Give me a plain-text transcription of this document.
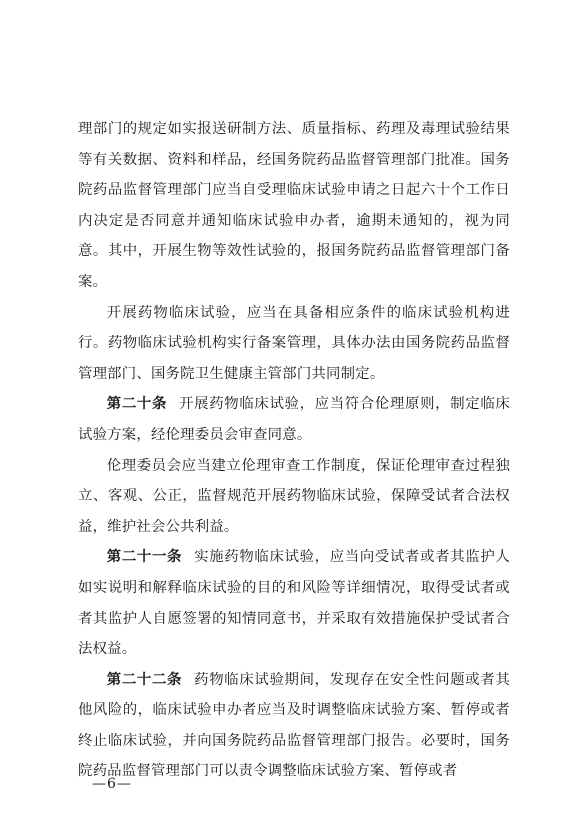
理部门的规定如实报送研制方法、质量指标、药理及毒理试验结果等有关数据、资料和样品，经国务院药品监督管理部门批准。国务院药品监督管理部门应当自受理临床试验申请之日起六十个工作日内决定是否同意并通知临床试验申办者，逾期未通知的，视为同意。其中，开展生物等效性试验的，报国务院药品监督管理部门备案。

开展药物临床试验，应当在具备相应条件的临床试验机构进行。药物临床试验机构实行备案管理，具体办法由国务院药品监督管理部门、国务院卫生健康主管部门共同制定。

第二十条 开展药物临床试验，应当符合伦理原则，制定临床试验方案，经伦理委员会审查同意。

伦理委员会应当建立伦理审查工作制度，保证伦理审查过程独立、客观、公正，监督规范开展药物临床试验，保障受试者合法权益，维护社会公共利益。

第二十一条 实施药物临床试验，应当向受试者或者其监护人如实说明和解释临床试验的目的和风险等详细情况，取得受试者或者其监护人自愿签署的知情同意书，并采取有效措施保护受试者合法权益。

第二十二条 药物临床试验期间，发现存在安全性问题或者其他风险的，临床试验申办者应当及时调整临床试验方案、暂停或者终止临床试验，并向国务院药品监督管理部门报告。必要时，国务院药品监督管理部门可以责令调整临床试验方案、暂停或者

—6—
